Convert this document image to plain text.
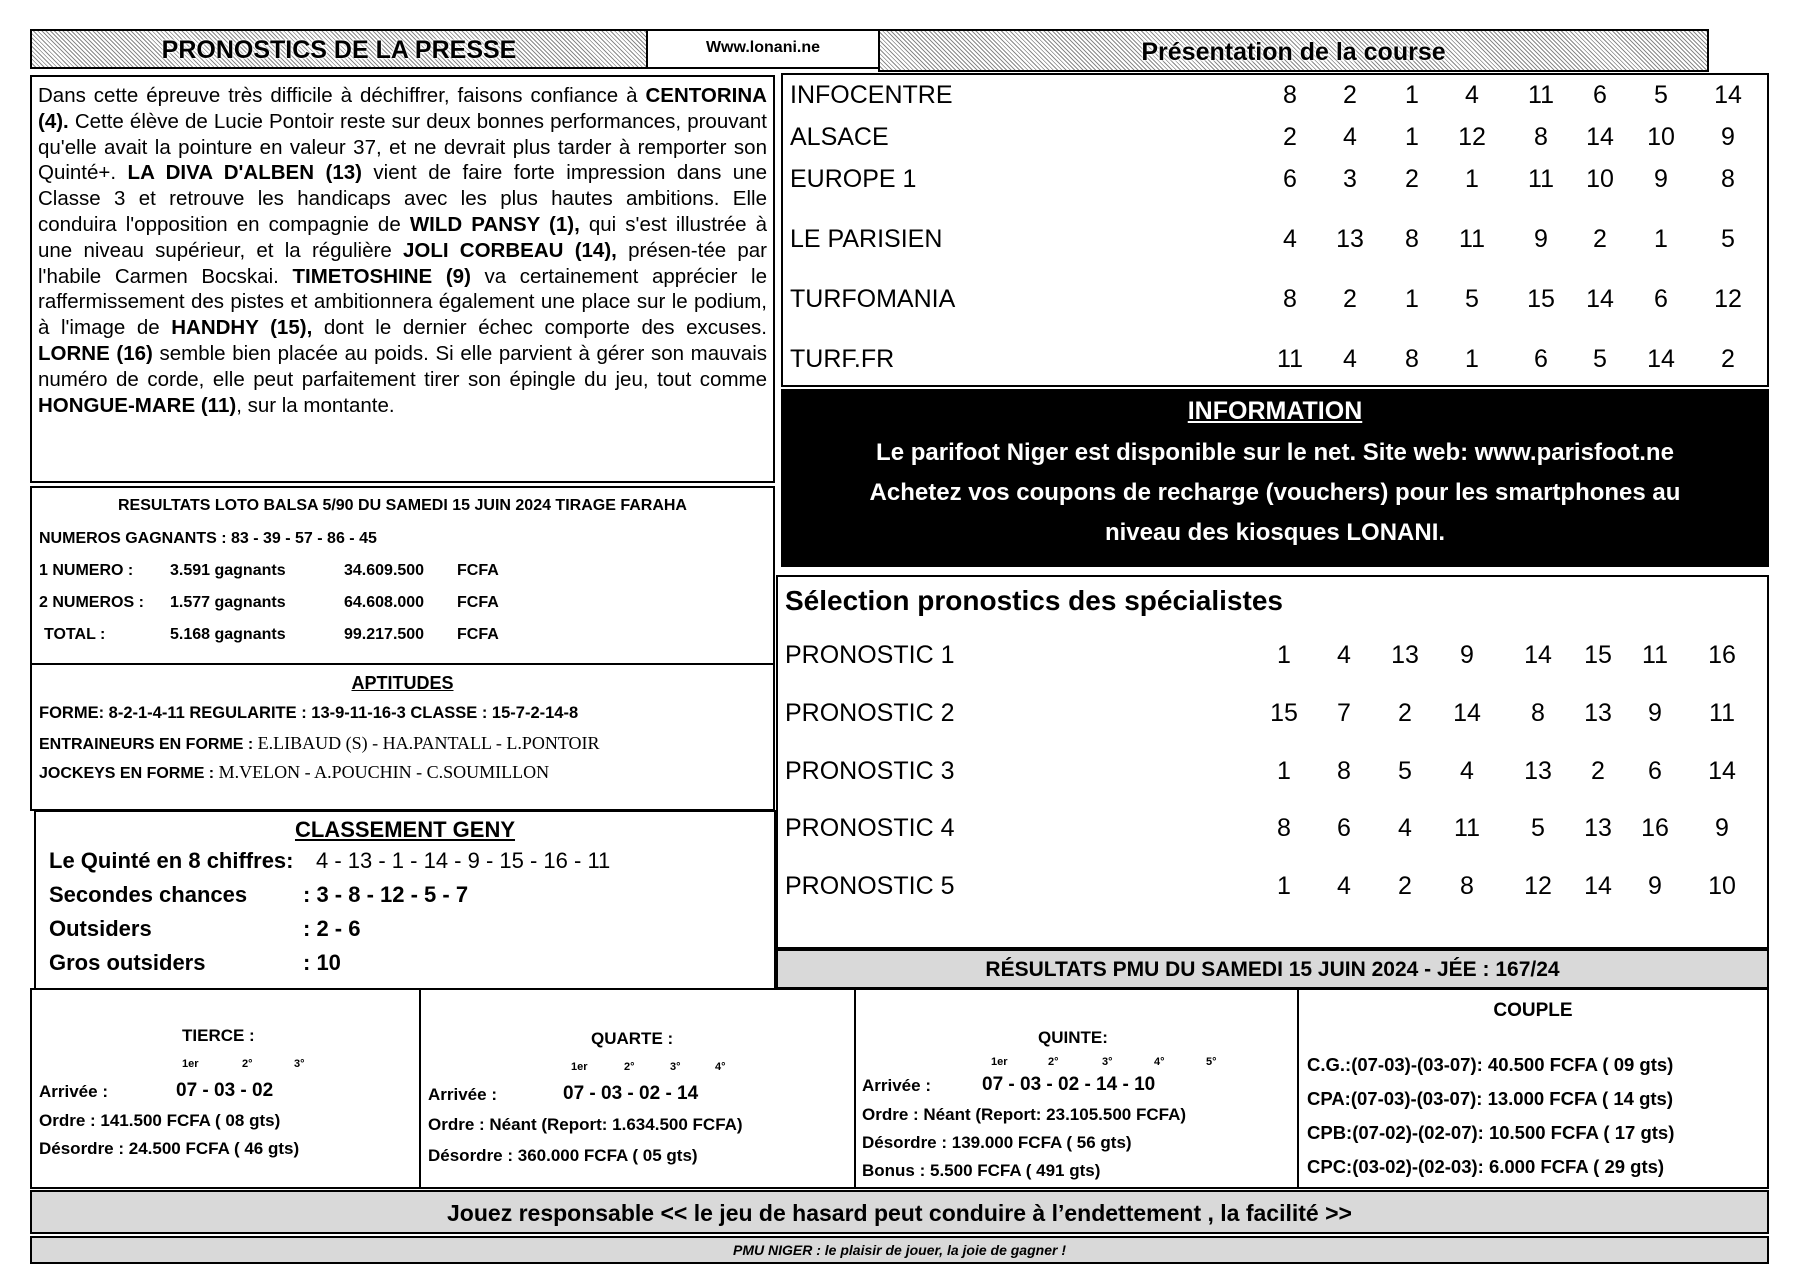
PRONOSTICS DE LA PRESSE	Www.lonani.ne	Présentation de la course
Dans cette épreuve très difficile à déchiffrer, faisons confiance à CENTORINA (4). Cette élève de Lucie Pontoir reste sur deux bonnes performances, prouvant qu'elle avait la pointure en valeur 37, et ne devrait plus tarder à remporter son Quinté+. LA DIVA D'ALBEN (13) vient de faire forte impression dans une Classe 3 et retrouve les handicaps avec les plus hautes ambitions. Elle conduira l'opposition en compagnie de WILD PANSY (1), qui s'est illustrée à une niveau supérieur, et la régulière JOLI CORBEAU (14), présen-tée par l'habile Carmen Bocskai. TIMETOSHINE (9) va certainement apprécier le raffermissement des pistes et ambitionnera également une place sur le podium, à l'image de HANDHY (15), dont le dernier échec comporte des excuses. LORNE (16) semble bien placée au poids. Si elle parvient à gérer son mauvais numéro de corde, elle peut parfaitement tirer son épingle du jeu, tout comme HONGUE-MARE (11), sur la montante.
INFOCENTRE	8	2	1	4	11	6	5	14
ALSACE	2	4	1	12	8	14	10	9
EUROPE 1	6	3	2	1	11	10	9	8
LE PARISIEN	4	13	8	11	9	2	1	5
TURFOMANIA	8	2	1	5	15	14	6	12
TURF.FR	11	4	8	1	6	5	14	2
INFORMATION
Le parifoot Niger est disponible sur le net. Site web: www.parisfoot.ne
Achetez vos coupons de recharge (vouchers) pour les smartphones au
niveau des kiosques LONANI.
RESULTATS LOTO BALSA 5/90 DU SAMEDI 15 JUIN 2024 TIRAGE FARAHA
NUMEROS GAGNANTS : 83 - 39 - 57 - 86 - 45
1 NUMERO : 3.591 gagnants	34.609.500 FCFA
2 NUMEROS : 1.577 gagnants	64.608.000 FCFA
TOTAL :	5.168 gagnants	99.217.500 FCFA
Sélection pronostics des spécialistes
PRONOSTIC 1	1	4	13	9	14	15	11	16
PRONOSTIC 2	15	7	2	14	8	13	9	11
PRONOSTIC 3	1	8	5	4	13	2	6	14
PRONOSTIC 4	8	6	4	11	5	13	16	9
PRONOSTIC 5	1	4	2	8	12	14	9	10
APTITUDES
FORME: 8-2-1-4-11 REGULARITE : 13-9-11-16-3 CLASSE : 15-7-2-14-8
ENTRAINEURS EN FORME : E.LIBAUD (S) - HA.PANTALL - L.PONTOIR
JOCKEYS EN FORME : M.VELON - A.POUCHIN - C.SOUMILLON
CLASSEMENT GENY
Le Quinté en 8 chiffres: 4 - 13 - 1 - 14 - 9 - 15 - 16 - 11
Secondes chances	: 3 - 8 - 12 - 5 - 7
Outsiders	: 2 - 6
Gros outsiders	: 10	RÉSULTATS PMU DU SAMEDI 15 JUIN 2024 - JÉE : 167/24
TIERCE :
1er	2°	3°
Arrivée :	07 - 03 - 02
Ordre : 141.500 FCFA ( 08 gts)
Désordre : 24.500 FCFA ( 46 gts)
QUARTE :
1er	2°	3°	4°
Arrivée :	07 - 03 - 02 - 14
Ordre : Néant (Report: 1.634.500 FCFA)
Désordre : 360.000 FCFA ( 05 gts)
QUINTE:
1er	2°	3°	4°	5°
Arrivée :	07 - 03 - 02 - 14 - 10
Ordre : Néant (Report: 23.105.500 FCFA)
Désordre : 139.000 FCFA ( 56 gts)
Bonus : 5.500 FCFA ( 491 gts)
COUPLE
C.G.:(07-03)-(03-07): 40.500 FCFA ( 09 gts)
CPA:(07-03)-(03-07): 13.000 FCFA ( 14 gts)
CPB:(07-02)-(02-07): 10.500 FCFA ( 17 gts)
CPC:(03-02)-(02-03): 6.000 FCFA ( 29 gts)
Jouez responsable << le jeu de hasard peut conduire à l’endettement , la facilité >>
PMU NIGER : le plaisir de jouer, la joie de gagner !
